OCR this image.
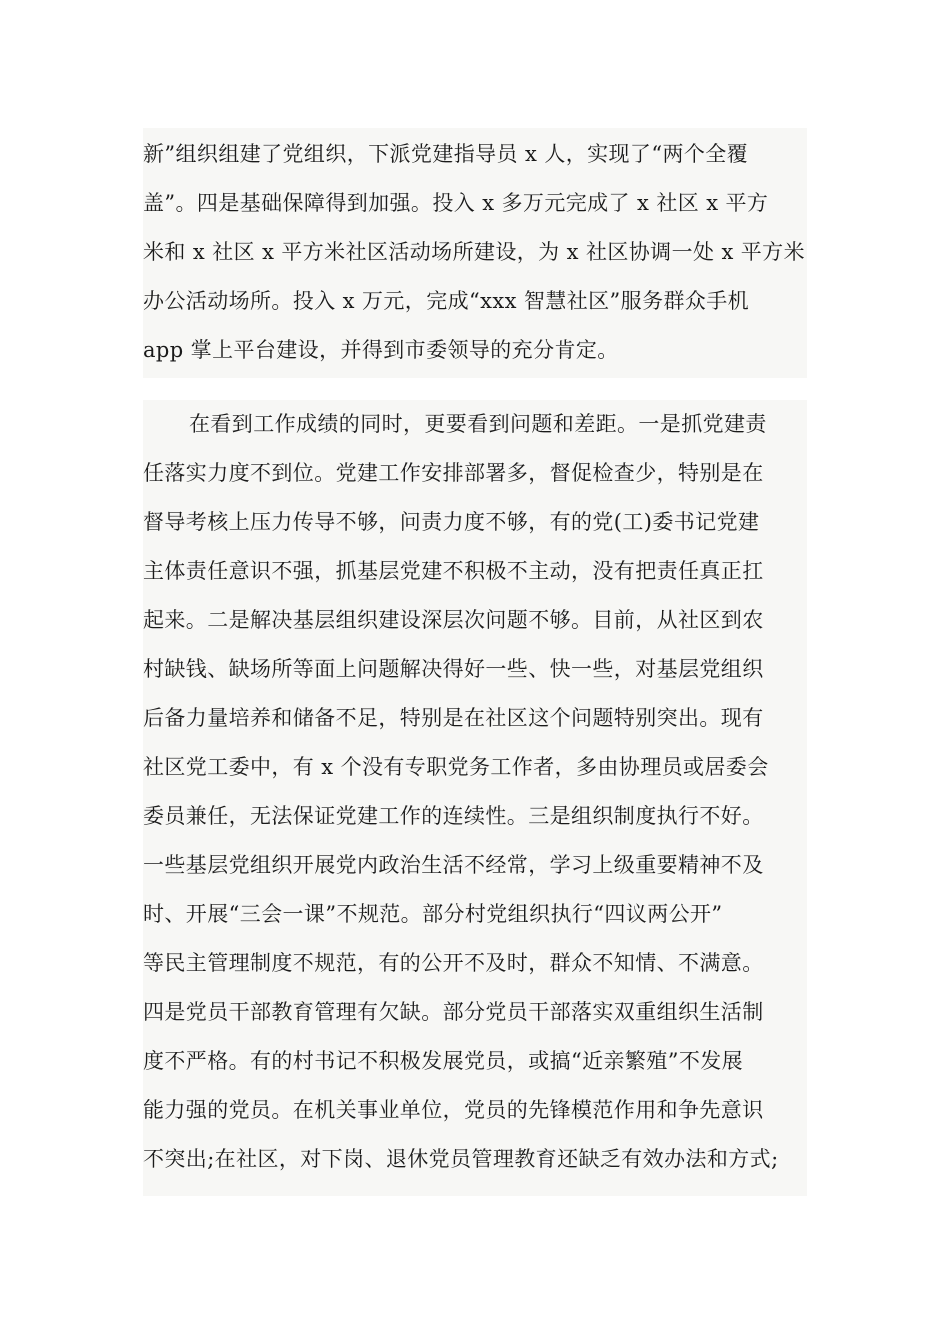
新”组织组建了党组织，下派党建指导员 x 人，实现了“两个全覆
盖”。四是基础保障得到加强。投入 x 多万元完成了 x 社区 x 平方
米和 x 社区 x 平方米社区活动场所建设，为 x 社区协调一处 x 平方米
办公活动场所。投入 x 万元，完成“xxx 智慧社区”服务群众手机
app 掌上平台建设，并得到市委领导的充分肯定。
在看到工作成绩的同时，更要看到问题和差距。一是抓党建责
任落实力度不到位。党建工作安排部署多，督促检查少，特别是在
督导考核上压力传导不够，问责力度不够，有的党(工)委书记党建
主体责任意识不强，抓基层党建不积极不主动，没有把责任真正扛
起来。二是解决基层组织建设深层次问题不够。目前，从社区到农
村缺钱、缺场所等面上问题解决得好一些、快一些，对基层党组织
后备力量培养和储备不足，特别是在社区这个问题特别突出。现有
社区党工委中，有 x 个没有专职党务工作者，多由协理员或居委会
委员兼任，无法保证党建工作的连续性。三是组织制度执行不好。
一些基层党组织开展党内政治生活不经常，学习上级重要精神不及
时、开展“三会一课”不规范。部分村党组织执行“四议两公开”
等民主管理制度不规范，有的公开不及时，群众不知情、不满意。
四是党员干部教育管理有欠缺。部分党员干部落实双重组织生活制
度不严格。有的村书记不积极发展党员，或搞“近亲繁殖”不发展
能力强的党员。在机关事业单位，党员的先锋模范作用和争先意识
不突出;在社区，对下岗、退休党员管理教育还缺乏有效办法和方式;
